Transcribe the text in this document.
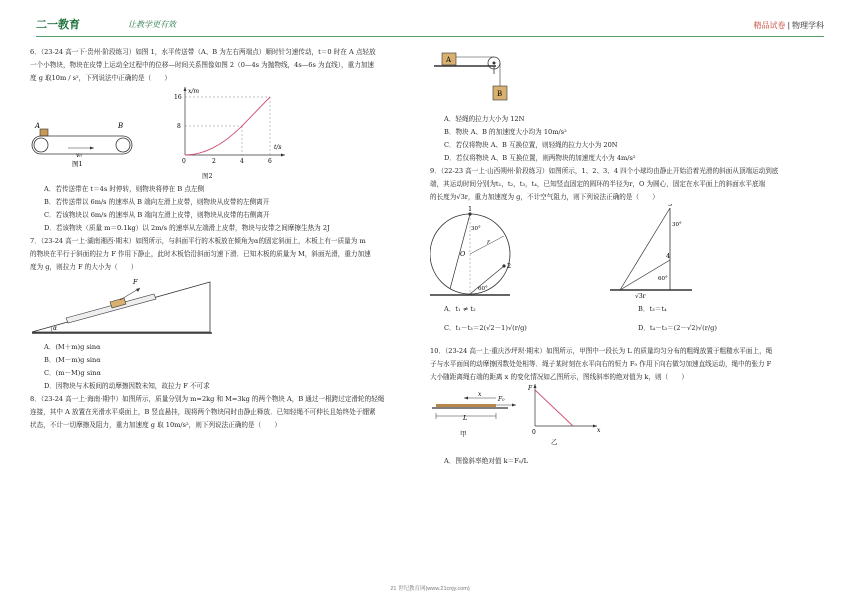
二一教育	让教学更有效	精品试卷 | 物理学科

6．（23-24 高一下·贵州·阶段练习）如图 1，水平传送带（A、B 为左右两端点）顺时针匀速传动，t＝0 时在 A 点轻放

一个小物块，物块在皮带上运动全过程中的位移—时间关系图像如图 2（0—4s 为抛物线，4s—6s 为直线），重力加速

度 g 取10m / s²，下列说法中正确的是（　　）

A	B
v₀
图1
x/m
t/s
16
8
0	2	4	6

图2

A．若传送带在 t＝4s 时停转，则物块将停在 B 点左侧

B．若传送带以 6m/s 的速率从 B 端向左滑上皮带，则物块从皮带的左侧离开

C．若该物块以 6m/s 的速率从 B 端向左滑上皮带，则物块从皮带的右侧离开

D．若该物块（质量 m＝0.1kg）以 2m/s 的速率从左端滑上皮带，物块与皮带之间摩擦生热为 2J

7．（23-24 高一上·湖南湘西·期末）如图所示，与斜面平行的木板放在倾角为α的固定斜面上，木板上有一质量为 m

的物块在平行于斜面的拉力 F 作用下静止，此时木板恰沿斜面匀速下滑．已知木板的质量为 M，斜面光滑，重力加速

度为 g，则拉力 F 的大小为（　　）

F
α

A．(M＋m)g sinα

B．(M－m)g sinα

C．(m－M)g sinα

D．因物块与木板间的动摩擦因数未知，故拉力 F 不可求

8．（23-24 高一上·海南·期中）如图所示，质量分别为 m=2kg 和 M=3kg 的两个物块 A，B 通过一根跨过定滑轮的轻绳

连接，其中 A 放置在光滑水平桌面上，B 竖直悬挂，现将两个物块同时由静止释放．已知轻绳不可伸长且始终处于绷紧

状态，不计一切摩擦及阻力，重力加速度 g 取 10m/s²，则下列说法正确的是（　　）

A
B

A．轻绳的拉力大小为 12N

B．物块 A、B 的加速度大小均为 10m/s²

C．若仅将物块 A、B 互换位置，则轻绳的拉力大小为 20N

D．若仅将物块 A、B 互换位置，则两物块的加速度大小为 4m/s²

9．（22-23 高一上·山西朔州·阶段练习）如图所示，1、2、3、4 四个小球均由静止开始沿着光滑的斜面从顶端运动到底

端，其运动时间分别为t₁，t₂，t₃，t₄，已知竖直固定的圆环的半径为r，O 为圆心，固定在水平面上的斜面水平底端

的长度为√3r，重力加速度为 g，不计空气阻力，则下列说法正确的是（　　）

1
2
O
r
30°
60°
3
4
30°
60°
√3r

A．t₁ ≠ t₂	B．t₃＝t₄

C．t₁－t₃＝2(√2－1)√(r/g)	D．t₄－t₃＝(2－√2)√(r/g)

10．（23-24 高一上·重庆沙坪坝·期末）如图所示，甲图中一段长为 L 的质量均匀分布的粗绳放置于粗糙水平面上，绳

子与水平面间的动摩擦因数处处相等．绳子某时刻在水平向右的恒力 F₀ 作用下向右做匀加速直线运动，绳中的张力 F

大小随距离绳右端的距离 x 的变化情况如乙图所示，图线斜率的绝对值为 k，则（　　）

x
F₀
L
甲
F
x
0
乙

A．图像斜率绝对值 k＝F₀/L

21 世纪教育网(www.21cnjy.com)
